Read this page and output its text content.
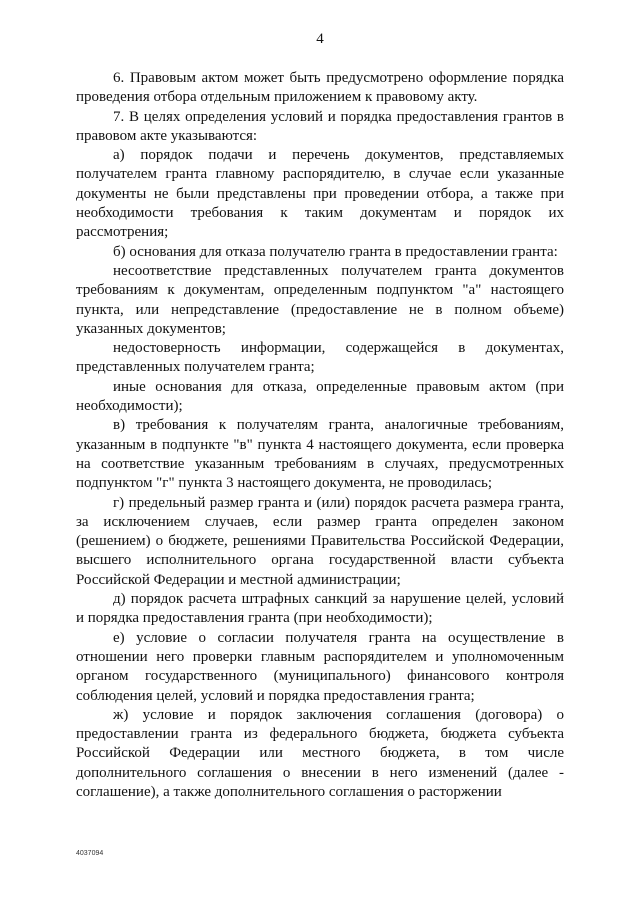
4

6. Правовым актом может быть предусмотрено оформление порядка проведения отбора отдельным приложением к правовому акту.

7. В целях определения условий и порядка предоставления грантов в правовом акте указываются:

а) порядок подачи и перечень документов, представляемых получателем гранта главному распорядителю, в случае если указанные документы не были представлены при проведении отбора, а также при необходимости требования к таким документам и порядок их рассмотрения;

б) основания для отказа получателю гранта в предоставлении гранта:

несоответствие представленных получателем гранта документов требованиям к документам, определенным подпунктом "а" настоящего пункта, или непредставление (предоставление не в полном объеме) указанных документов;

недостоверность информации, содержащейся в документах, представленных получателем гранта;

иные основания для отказа, определенные правовым актом (при необходимости);

в) требования к получателям гранта, аналогичные требованиям, указанным в подпункте "в" пункта 4 настоящего документа, если проверка на соответствие указанным требованиям в случаях, предусмотренных подпунктом "г" пункта 3 настоящего документа, не проводилась;

г) предельный размер гранта и (или) порядок расчета размера гранта, за исключением случаев, если размер гранта определен законом (решением) о бюджете, решениями Правительства Российской Федерации, высшего исполнительного органа государственной власти субъекта Российской Федерации и местной администрации;

д) порядок расчета штрафных санкций за нарушение целей, условий и порядка предоставления гранта (при необходимости);

е) условие о согласии получателя гранта на осуществление в отношении него проверки главным распорядителем и уполномоченным органом государственного (муниципального) финансового контроля соблюдения целей, условий и порядка предоставления гранта;

ж) условие и порядок заключения соглашения (договора) о предоставлении гранта из федерального бюджета, бюджета субъекта Российской Федерации или местного бюджета, в том числе дополнительного соглашения о внесении в него изменений (далее - соглашение), а также дополнительного соглашения о расторжении

4037094
